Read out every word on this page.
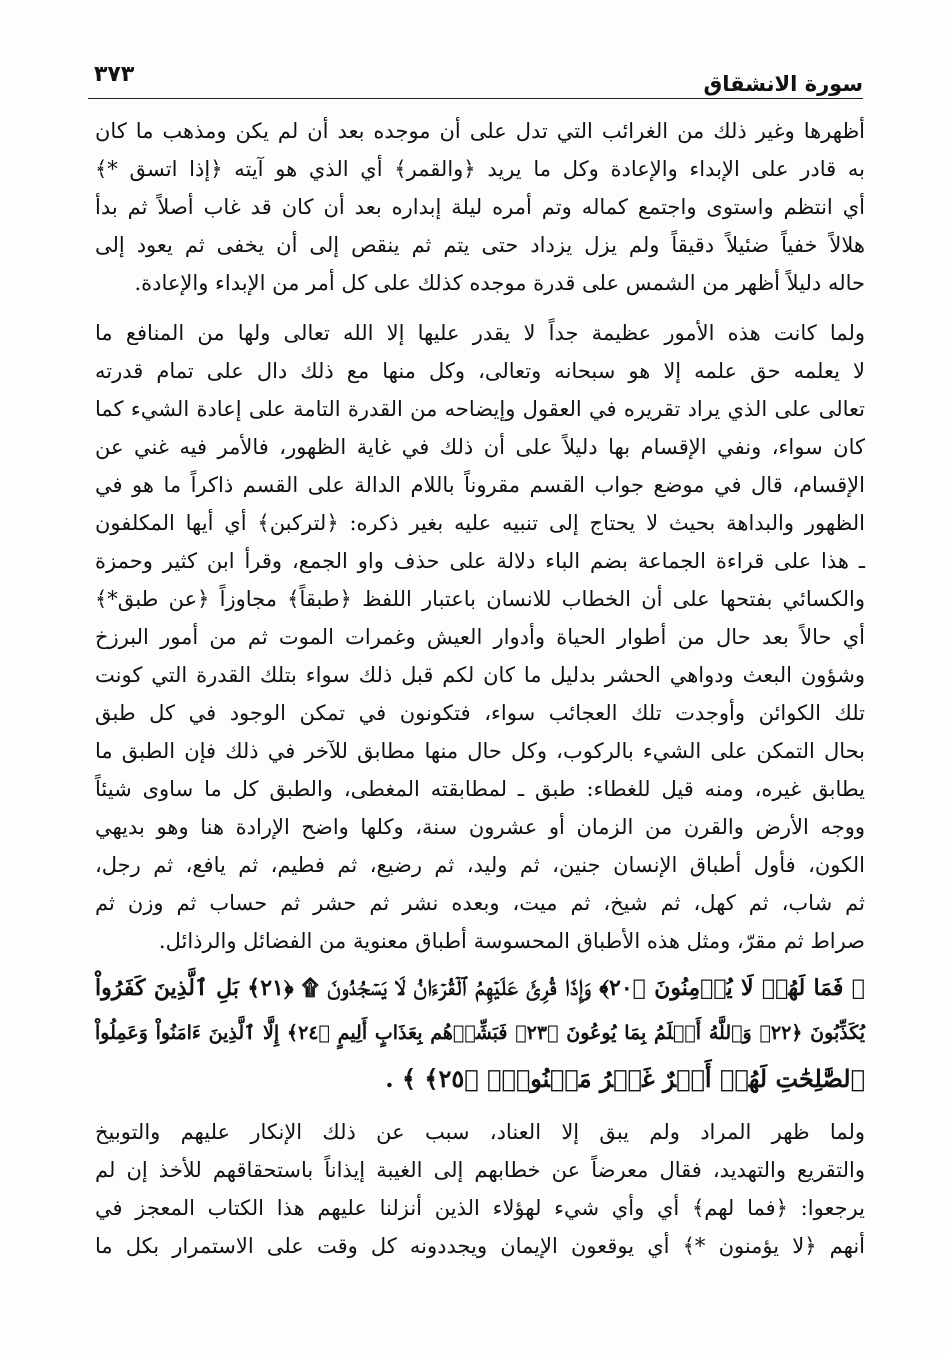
سورة الانشقاق
٣٧٣
أظهرها وغير ذلك من الغرائب التي تدل على أن موجده بعد أن لم يكن ومذهب ما كان
به قادر على الإبداء والإعادة وكل ما يريد ﴿والقمر﴾ أي الذي هو آيته ﴿إذا اتسق *﴾
أي انتظم واستوى واجتمع كماله وتم أمره ليلة إبداره بعد أن كان قد غاب أصلاً ثم بدأ
هلالاً خفياً ضئيلاً دقيقاً ولم يزل يزداد حتى يتم ثم ينقص إلى أن يخفى ثم يعود إلى
حاله دليلاً أظهر من الشمس على قدرة موجده كذلك على كل أمر من الإبداء والإعادة.
ولما كانت هذه الأمور عظيمة جداً لا يقدر عليها إلا الله تعالى ولها من المنافع ما
لا يعلمه حق علمه إلا هو سبحانه وتعالى، وكل منها مع ذلك دال على تمام قدرته
تعالى على الذي يراد تقريره في العقول وإيضاحه من القدرة التامة على إعادة الشيء كما
كان سواء، ونفي الإقسام بها دليلاً على أن ذلك في غاية الظهور، فالأمر فيه غني عن
الإقسام، قال في موضع جواب القسم مقروناً باللام الدالة على القسم ذاكراً ما هو في
الظهور والبداهة بحيث لا يحتاج إلى تنبيه عليه بغير ذكره: ﴿لتركبن﴾ أي أيها المكلفون
ـ هذا على قراءة الجماعة بضم الباء دلالة على حذف واو الجمع، وقرأ ابن كثير وحمزة
والكسائي بفتحها على أن الخطاب للانسان باعتبار اللفظ ﴿طبقاً﴾ مجاوزاً ﴿عن طبق*﴾
أي حالاً بعد حال من أطوار الحياة وأدوار العيش وغمرات الموت ثم من أمور البرزخ
وشؤون البعث ودواهي الحشر بدليل ما كان لكم قبل ذلك سواء بتلك القدرة التي كونت
تلك الكوائن وأوجدت تلك العجائب سواء، فتكونون في تمكن الوجود في كل طبق
بحال التمكن على الشيء بالركوب، وكل حال منها مطابق للآخر في ذلك فإن الطبق ما
يطابق غيره، ومنه قيل للغطاء: طبق ـ لمطابقته المغطى، والطبق كل ما ساوى شيئاً
ووجه الأرض والقرن من الزمان أو عشرون سنة، وكلها واضح الإرادة هنا وهو بديهي
الكون، فأول أطباق الإنسان جنين، ثم وليد، ثم رضيع، ثم فطيم، ثم يافع، ثم رجل،
ثم شاب، ثم كهل، ثم شيخ، ثم ميت، وبعده نشر ثم حشر ثم حساب ثم وزن ثم
صراط ثم مقرّ، ومثل هذه الأطباق المحسوسة أطباق معنوية من الفضائل والرذائل.
﴿ فَمَا لَهُمۡ لَا يُؤۡمِنُونَ ﴿٢٠﴾ وَإِذَا قُرِئَ عَلَيۡهِمُ ٱلۡقُرۡءَانُ لَا يَسۡجُدُونَ ۩ ﴿٢١﴾ بَلِ ٱلَّذِينَ كَفَرُواْ
يُكَذِّبُونَ ﴿٢٢﴾ وَٱللَّهُ أَعۡلَمُ بِمَا يُوعُونَ ﴿٢٣﴾ فَبَشِّرۡهُم بِعَذَابٍ أَلِيمٍ ﴿٢٤﴾ إِلَّا ٱلَّذِينَ ءَامَنُواْ وَعَمِلُواْ
ٱلصَّٰلِحَٰتِ لَهُمۡ أَجۡرٌ غَيۡرُ مَمۡنُونِۭ ﴿٢٥﴾ ﴾ .
ولما ظهر المراد ولم يبق إلا العناد، سبب عن ذلك الإنكار عليهم والتوبيخ
والتقريع والتهديد، فقال معرضاً عن خطابهم إلى الغيبة إيذاناً باستحقاقهم للأخذ إن لم
يرجعوا: ﴿فما لهم﴾ أي وأي شيء لهؤلاء الذين أنزلنا عليهم هذا الكتاب المعجز في
أنهم ﴿لا يؤمنون *﴾ أي يوقعون الإيمان ويجددونه كل وقت على الاستمرار بكل ما
